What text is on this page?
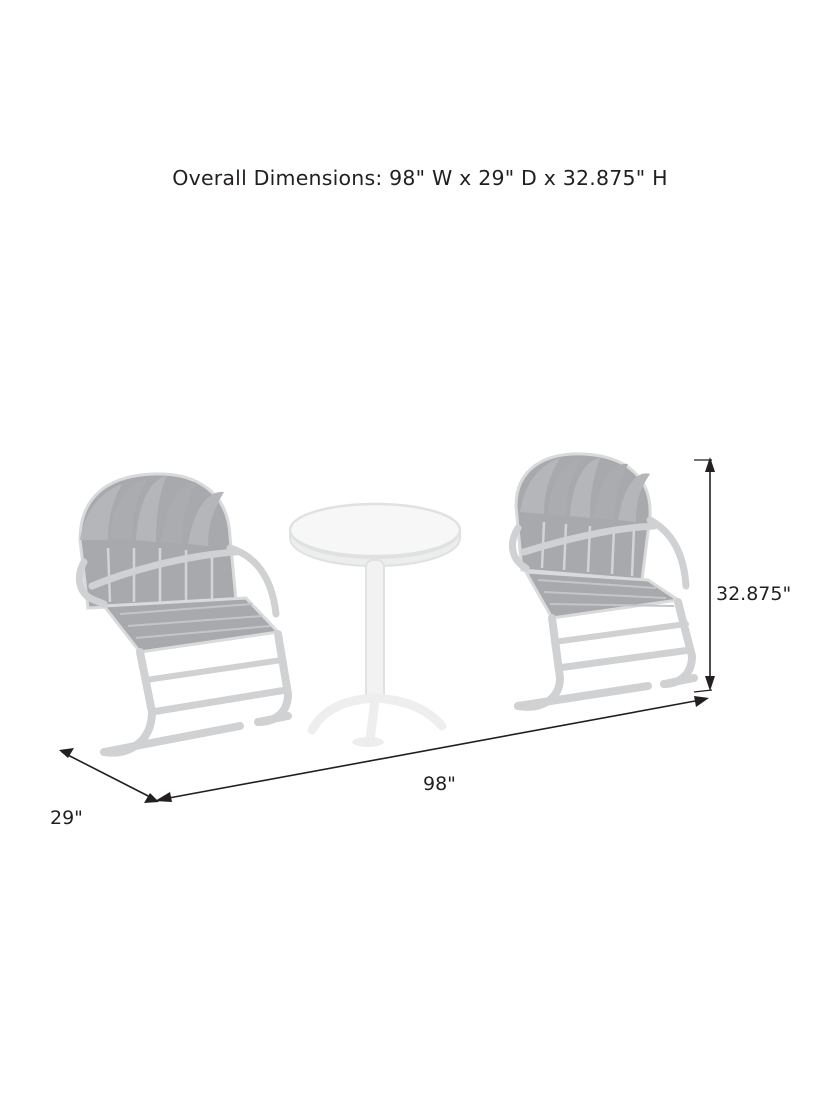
Overall Dimensions: 98" W x 29" D x 32.875" H
32.875"
98"
29"
